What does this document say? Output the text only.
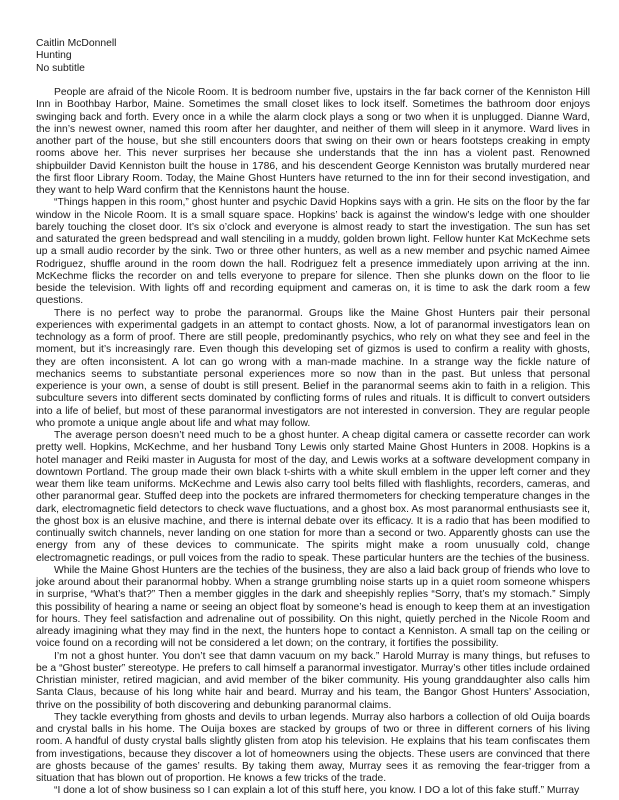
Caitlin McDonnell

Hunting

No subtitle

People are afraid of the Nicole Room. It is bedroom number five, upstairs in the far back corner of the Kenniston Hill Inn in Boothbay Harbor, Maine. Sometimes the small closet likes to lock itself. Sometimes the bathroom door enjoys swinging back and forth. Every once in a while the alarm clock plays a song or two when it is unplugged. Dianne Ward, the inn’s newest owner, named this room after her daughter, and neither of them will sleep in it anymore. Ward lives in another part of the house, but she still encounters doors that swing on their own or hears footsteps creaking in empty rooms above her. This never surprises her because she understands that the inn has a violent past. Renowned shipbuilder David Kenniston built the house in 1786, and his descendent George Kenniston was brutally murdered near the first floor Library Room. Today, the Maine Ghost Hunters have returned to the inn for their second investigation, and they want to help Ward confirm that the Kennistons haunt the house.

“Things happen in this room,” ghost hunter and psychic David Hopkins says with a grin. He sits on the floor by the far window in the Nicole Room. It is a small square space. Hopkins’ back is against the window’s ledge with one shoulder barely touching the closet door. It’s six o’clock and everyone is almost ready to start the investigation. The sun has set and saturated the green bedspread and wall stenciling in a muddy, golden brown light. Fellow hunter Kat McKechme sets up a small audio recorder by the sink. Two or three other hunters, as well as a new member and psychic named Aimee Rodriguez, shuffle around in the room down the hall. Rodriguez felt a presence immediately upon arriving at the inn. McKechme flicks the recorder on and tells everyone to prepare for silence. Then she plunks down on the floor to lie beside the television. With lights off and recording equipment and cameras on, it is time to ask the dark room a few questions.

There is no perfect way to probe the paranormal. Groups like the Maine Ghost Hunters pair their personal experiences with experimental gadgets in an attempt to contact ghosts. Now, a lot of paranormal investigators lean on technology as a form of proof. There are still people, predominantly psychics, who rely on what they see and feel in the moment, but it’s increasingly rare. Even though this developing set of gizmos is used to confirm a reality with ghosts, they are often inconsistent. A lot can go wrong with a man-made machine. In a strange way the fickle nature of mechanics seems to substantiate personal experiences more so now than in the past. But unless that personal experience is your own, a sense of doubt is still present. Belief in the paranormal seems akin to faith in a religion. This subculture severs into different sects dominated by conflicting forms of rules and rituals. It is difficult to convert outsiders into a life of belief, but most of these paranormal investigators are not interested in conversion. They are regular people who promote a unique angle about life and what may follow.

The average person doesn’t need much to be a ghost hunter. A cheap digital camera or cassette recorder can work pretty well. Hopkins, McKechme, and her husband Tony Lewis only started Maine Ghost Hunters in 2008. Hopkins is a hotel manager and Reiki master in Augusta for most of the day, and Lewis works at a software development company in downtown Portland. The group made their own black t-shirts with a white skull emblem in the upper left corner and they wear them like team uniforms. McKechme and Lewis also carry tool belts filled with flashlights, recorders, cameras, and other paranormal gear. Stuffed deep into the pockets are infrared thermometers for checking temperature changes in the dark, electromagnetic field detectors to check wave fluctuations, and a ghost box. As most paranormal enthusiasts see it, the ghost box is an elusive machine, and there is internal debate over its efficacy. It is a radio that has been modified to continually switch channels, never landing on one station for more than a second or two. Apparently ghosts can use the energy from any of these devices to communicate. The spirits might make a room unusually cold, change electromagnetic readings, or pull voices from the radio to speak. These particular hunters are the techies of the business.

While the Maine Ghost Hunters are the techies of the business, they are also a laid back group of friends who love to joke around about their paranormal hobby. When a strange grumbling noise starts up in a quiet room someone whispers in surprise, “What’s that?” Then a member giggles in the dark and sheepishly replies “Sorry, that’s my stomach.” Simply this possibility of hearing a name or seeing an object float by someone’s head is enough to keep them at an investigation for hours. They feel satisfaction and adrenaline out of possibility. On this night, quietly perched in the Nicole Room and already imagining what they may find in the next, the hunters hope to contact a Kenniston. A small tap on the ceiling or voice found on a recording will not be considered a let down; on the contrary, it fortifies the possibility.

I’m not a ghost hunter. You don’t see that damn vacuum on my back.” Harold Murray is many things, but refuses to be a “Ghost buster” stereotype. He prefers to call himself a paranormal investigator. Murray’s other titles include ordained Christian minister, retired magician, and avid member of the biker community. His young granddaughter also calls him Santa Claus, because of his long white hair and beard. Murray and his team, the Bangor Ghost Hunters’ Association, thrive on the possibility of both discovering and debunking paranormal claims.

They tackle everything from ghosts and devils to urban legends. Murray also harbors a collection of old Ouija boards and crystal balls in his home. The Ouija boxes are stacked by groups of two or three in different corners of his living room. A handful of dusty crystal balls slightly glisten from atop his television. He explains that his team confiscates them from investigations, because they discover a lot of homeowners using the objects. These users are convinced that there are ghosts because of the games’ results. By taking them away, Murray sees it as removing the fear-trigger from a situation that has blown out of proportion. He knows a few tricks of the trade.

“I done a lot of show business so I can explain a lot of this stuff here, you know. I DO a lot of this fake stuff.” Murray
